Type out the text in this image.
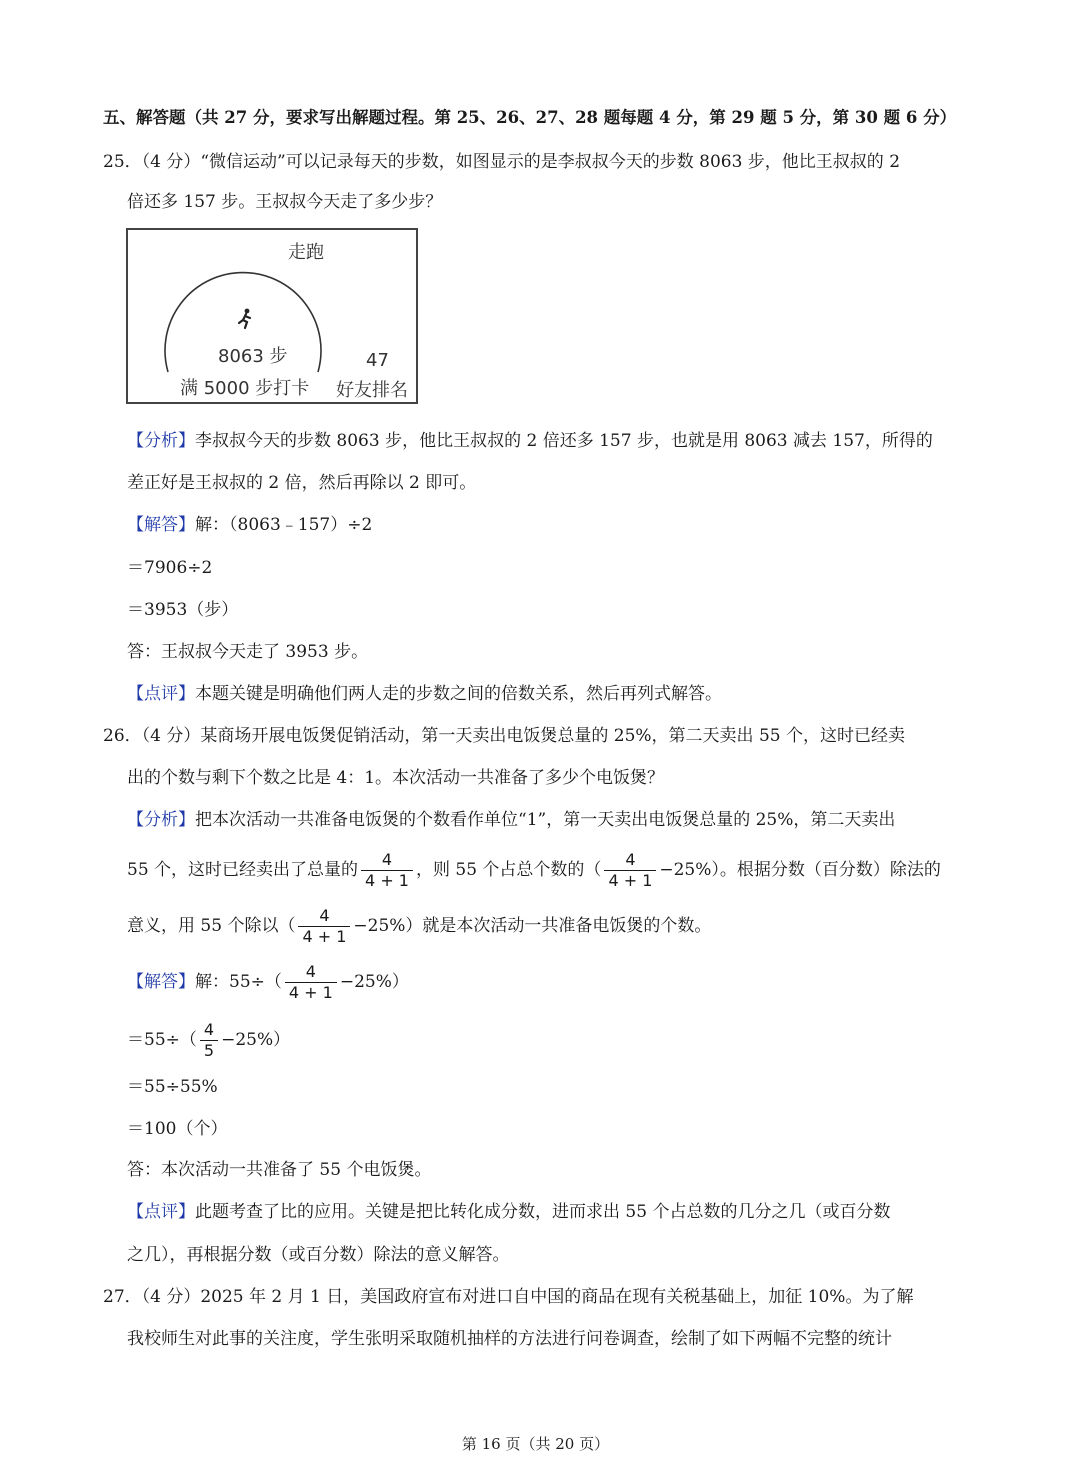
五、解答题（共 27 分，要求写出解题过程。第 25、26、27、28 题每题 4 分，第 29 题 5 分，第 30 题 6 分）
25．（4 分）“微信运动”可以记录每天的步数，如图显示的是李叔叔今天的步数 8063 步，他比王叔叔的 2
倍还多 157 步。王叔叔今天走了多少步？
走跑
8063 步
满 5000 步打卡
47
好友排名
【分析】李叔叔今天的步数 8063 步，他比王叔叔的 2 倍还多 157 步，也就是用 8063 减去 157，所得的
差正好是王叔叔的 2 倍，然后再除以 2 即可。
【解答】解：（8063﹣157）÷2
＝7906÷2
＝3953（步）
答：王叔叔今天走了 3953 步。
【点评】本题关键是明确他们两人走的步数之间的倍数关系，然后再列式解答。
26．（4 分）某商场开展电饭煲促销活动，第一天卖出电饭煲总量的 25%，第二天卖出 55 个，这时已经卖
出的个数与剩下个数之比是 4：1。本次活动一共准备了多少个电饭煲？
【分析】把本次活动一共准备电饭煲的个数看作单位“1”，第一天卖出电饭煲总量的 25%，第二天卖出
55 个，这时已经卖出了总量的 $\frac{4}{4 + 1}$ ，则 55 个占总个数的（ $\frac{4}{4 + 1} -25\%$）。根据分数（百分数）除法的
意义，用 55 个除以（ $\frac{4}{4 + 1} -25\%$）就是本次活动一共准备电饭煲的个数。
【解答】解：$55\div( \frac{4}{4 + 1} -25\%)$
$=55\div( \frac{4}{5} -25\%)$
＝55÷55%
＝100（个）
答：本次活动一共准备了 55 个电饭煲。
【点评】此题考查了比的应用。关键是把比转化成分数，进而求出 55 个占总数的几分之几（或百分数
之几），再根据分数（或百分数）除法的意义解答。
27．（4 分）2025 年 2 月 1 日，美国政府宣布对进口自中国的商品在现有关税基础上，加征 10%。为了解
我校师生对此事的关注度，学生张明采取随机抽样的方法进行问卷调查，绘制了如下两幅不完整的统计
第 16 页（共 20 页）
